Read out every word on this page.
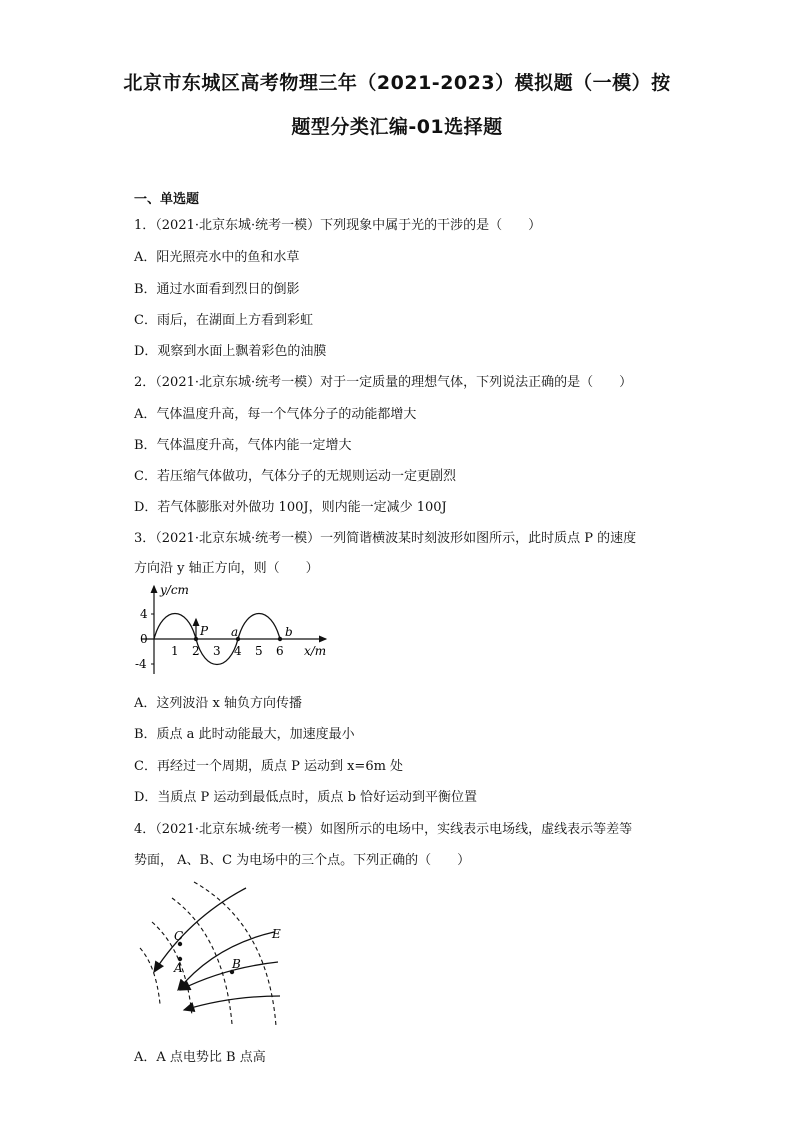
北京市东城区高考物理三年（2021-2023）模拟题（一模）按
题型分类汇编-01选择题
一、单选题
1．（2021·北京东城·统考一模）下列现象中属于光的干涉的是（　　）
A．阳光照亮水中的鱼和水草
B．通过水面看到烈日的倒影
C．雨后，在湖面上方看到彩虹
D．观察到水面上飘着彩色的油膜
2．（2021·北京东城·统考一模）对于一定质量的理想气体，下列说法正确的是（　　）
A．气体温度升高，每一个气体分子的动能都增大
B．气体温度升高，气体内能一定增大
C．若压缩气体做功，气体分子的无规则运动一定更剧烈
D．若气体膨胀对外做功 100J，则内能一定减少 100J
3．（2021·北京东城·统考一模）一列简谐横波某时刻波形如图所示，此时质点 P 的速度
方向沿 y 轴正方向，则（　　）
y/cm
x/m
4
0
-4
1 2 3 4 5 6
P a	b
A．这列波沿 x 轴负方向传播
B．质点 a 此时动能最大，加速度最小
C．再经过一个周期，质点 P 运动到 x=6m 处
D．当质点 P 运动到最低点时，质点 b 恰好运动到平衡位置
4．（2021·北京东城·统考一模）如图所示的电场中，实线表示电场线，虚线表示等差等
势面， A、B、C 为电场中的三个点。下列正确的（　　）
C
A	B
E
A．A 点电势比 B 点高
